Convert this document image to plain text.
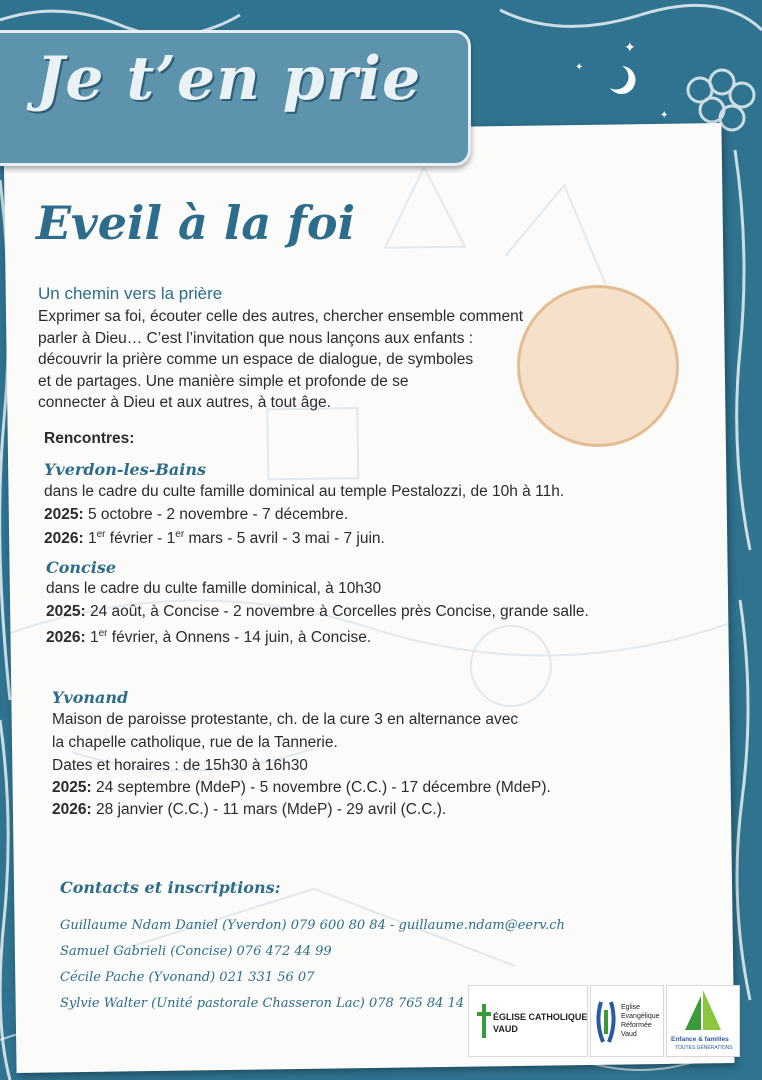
✦
✦
✦
Je t’en prie
Eveil à la foi
Un chemin vers la prière
Exprimer sa foi, écouter celle des autres, chercher ensemble comment
parler à Dieu… C’est l’invitation que nous lançons aux enfants :
découvrir la prière comme un espace de dialogue, de symboles
et de partages. Une manière simple et profonde de se
connecter à Dieu et aux autres, à tout âge.
Rencontres:
Yverdon-les-Bains
dans le cadre du culte famille dominical au temple Pestalozzi, de 10h à 11h.
2025: 5 octobre - 2 novembre - 7 décembre.
2026: 1er février - 1er mars - 5 avril - 3 mai - 7 juin.
Concise
dans le cadre du culte famille dominical, à 10h30
2025: 24 août, à Concise - 2 novembre à Corcelles près Concise, grande salle.
2026: 1er février, à Onnens - 14 juin, à Concise.
Yvonand
Maison de paroisse protestante, ch. de la cure 3 en alternance avec
la chapelle catholique, rue de la Tannerie.
Dates et horaires : de 15h30 à 16h30
2025: 24 septembre (MdeP) - 5 novembre (C.C.) - 17 décembre (MdeP).
2026: 28 janvier (C.C.) - 11 mars (MdeP) - 29 avril (C.C.).
Contacts et inscriptions:
Guillaume Ndam Daniel (Yverdon) 079 600 80 84 - guillaume.ndam@eerv.ch
Samuel Gabrieli (Concise) 076 472 44 99
Cécile Pache (Yvonand) 021 331 56 07
Sylvie Walter (Unité pastorale Chasseron Lac) 078 765 84 14
ÉGLISE CATHOLIQUE
VAUD
Eglise
Evangélique
Réformée
Vaud
Enfance & familles
TOUTES GÉNÉRATIONS
